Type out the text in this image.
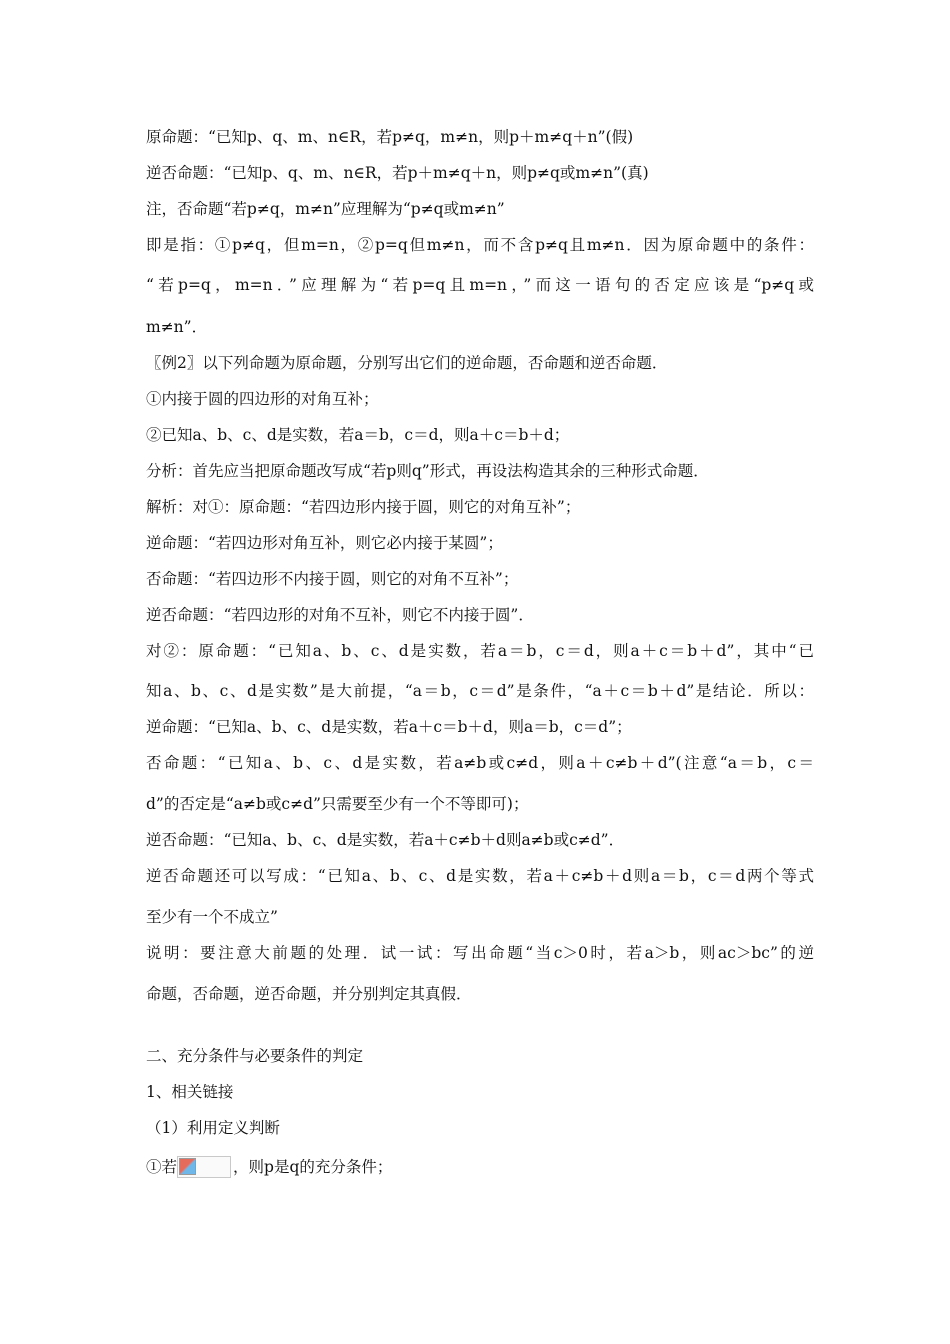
原命题：“已知p、q、m、n∈R，若p≠q，m≠n，则p＋m≠q＋n”(假)
逆否命题：“已知p、q、m、n∈R，若p＋m≠q＋n，则p≠q或m≠n”(真)
注，否命题“若p≠q，m≠n”应理解为“p≠q或m≠n”
即是指：①p≠q，但m=n，②p=q但m≠n，而不含p≠q且m≠n．因为原命题中的条件：
“若p=q，m=n．”应理解为“若p=q且m=n，”而这一语句的否定应该是“p≠q或
m≠n”．
〖例2〗以下列命题为原命题，分别写出它们的逆命题，否命题和逆否命题．
①内接于圆的四边形的对角互补；
②已知a、b、c、d是实数，若a＝b，c＝d，则a＋c＝b＋d；
分析：首先应当把原命题改写成“若p则q”形式，再设法构造其余的三种形式命题．
解析：对①：原命题：“若四边形内接于圆，则它的对角互补”；
逆命题：“若四边形对角互补，则它必内接于某圆”；
否命题：“若四边形不内接于圆，则它的对角不互补”；
逆否命题：“若四边形的对角不互补，则它不内接于圆”．
对②：原命题：“已知a、b、c、d是实数，若a＝b，c＝d，则a＋c＝b＋d”，其中“已
知a、b、c、d是实数”是大前提，“a＝b，c＝d”是条件，“a＋c＝b＋d”是结论．所以：
逆命题：“已知a、b、c、d是实数，若a＋c＝b＋d，则a＝b，c＝d”；
否命题：“已知a、b、c、d是实数，若a≠b或c≠d，则a＋c≠b＋d”(注意“a＝b，c＝
d”的否定是“a≠b或c≠d”只需要至少有一个不等即可)；
逆否命题：“已知a、b、c、d是实数，若a＋c≠b＋d则a≠b或c≠d”．
逆否命题还可以写成：“已知a、b、c、d是实数，若a＋c≠b＋d则a＝b，c＝d两个等式
至少有一个不成立”
说明：要注意大前题的处理．试一试：写出命题“当c＞0时，若a＞b，则ac＞bc”的逆
命题，否命题，逆否命题，并分别判定其真假．
二、充分条件与必要条件的判定
1、相关链接
（1）利用定义判断
①若	，则p是q的充分条件；
